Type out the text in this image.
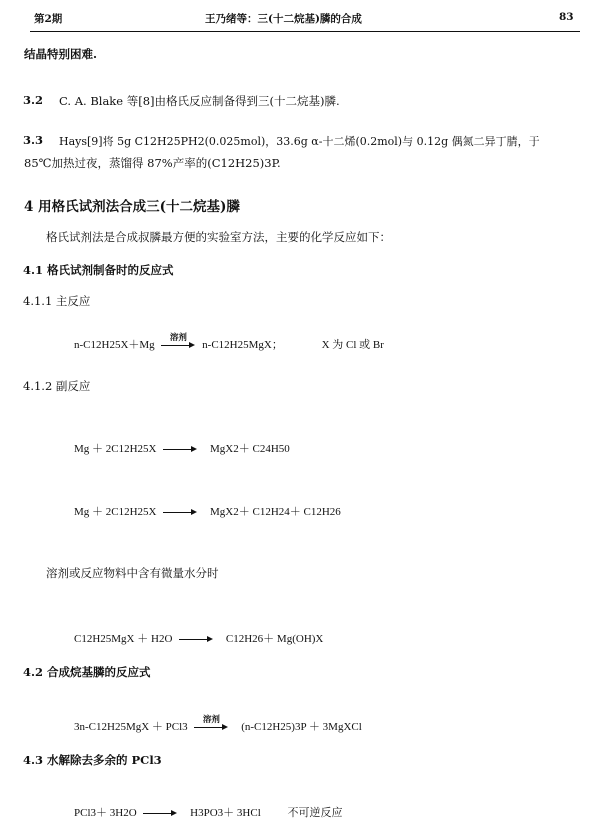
第2期	王乃绪等：三(十二烷基)膦的合成	83
结晶特别困难.
3.2 C. A. Blake 等[8]由格氏反应制备得到三(十二烷基)膦.
3.3 Hays[9]将 5g C12H25PH2(0.025mol)，33.6g α-十二烯(0.2mol)与 0.12g 偶氮二异丁腈，于
85℃加热过夜，蒸馏得 87%产率的(C12H25)3P.
4 用格氏试剂法合成三(十二烷基)膦
格氏试剂法是合成叔膦最方便的实验室方法，主要的化学反应如下：
4.1 格氏试剂制备时的反应式
4.1.1 主反应
n-C12H25X＋Mg
溶剂
n-C12H25MgX；	X 为 Cl 或 Br
4.1.2 副反应
Mg ＋ 2C12H25X	MgX2＋ C24H50
Mg ＋ 2C12H25X	MgX2＋ C12H24＋ C12H26
溶剂或反应物料中含有微量水分时
C12H25MgX ＋ H2O	C12H26＋ Mg(OH)X
4.2 合成烷基膦的反应式
3n-C12H25MgX ＋ PCl3
溶剂
(n-C12H25)3P ＋ 3MgXCl
4.3 水解除去多余的 PCl3
PCl3＋ 3H2O	H3PO3＋ 3HCl 不可逆反应
